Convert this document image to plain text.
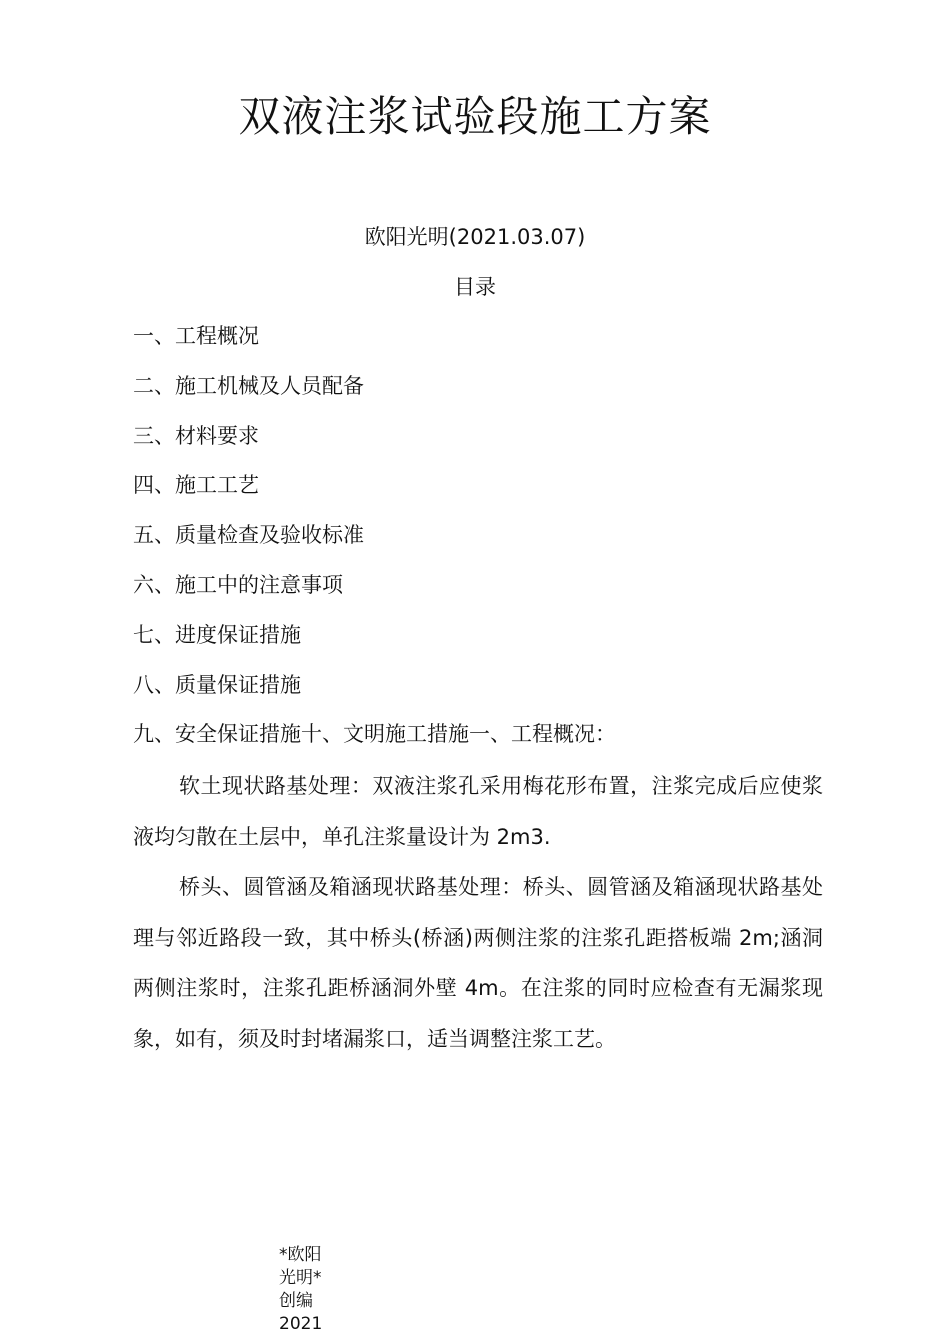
双液注浆试验段施工方案
欧阳光明(2021.03.07)
目录
一、工程概况
二、施工机械及人员配备
三、材料要求
四、施工工艺
五、质量检查及验收标准
六、施工中的注意事项
七、进度保证措施
八、质量保证措施
九、安全保证措施十、文明施工措施一、工程概况：

软土现状路基处理：双液注浆孔采用梅花形布置，注浆完成后应使浆液均匀散在土层中，单孔注浆量设计为 2m3.

桥头、圆管涵及箱涵现状路基处理：桥头、圆管涵及箱涵现状路基处理与邻近路段一致，其中桥头(桥涵)两侧注浆的注浆孔距搭板端 2m;涵洞两侧注浆时，注浆孔距桥涵洞外壁 4m。在注浆的同时应检查有无漏浆现象，如有，须及时封堵漏浆口，适当调整注浆工艺。

*欧阳光明*创编2021
